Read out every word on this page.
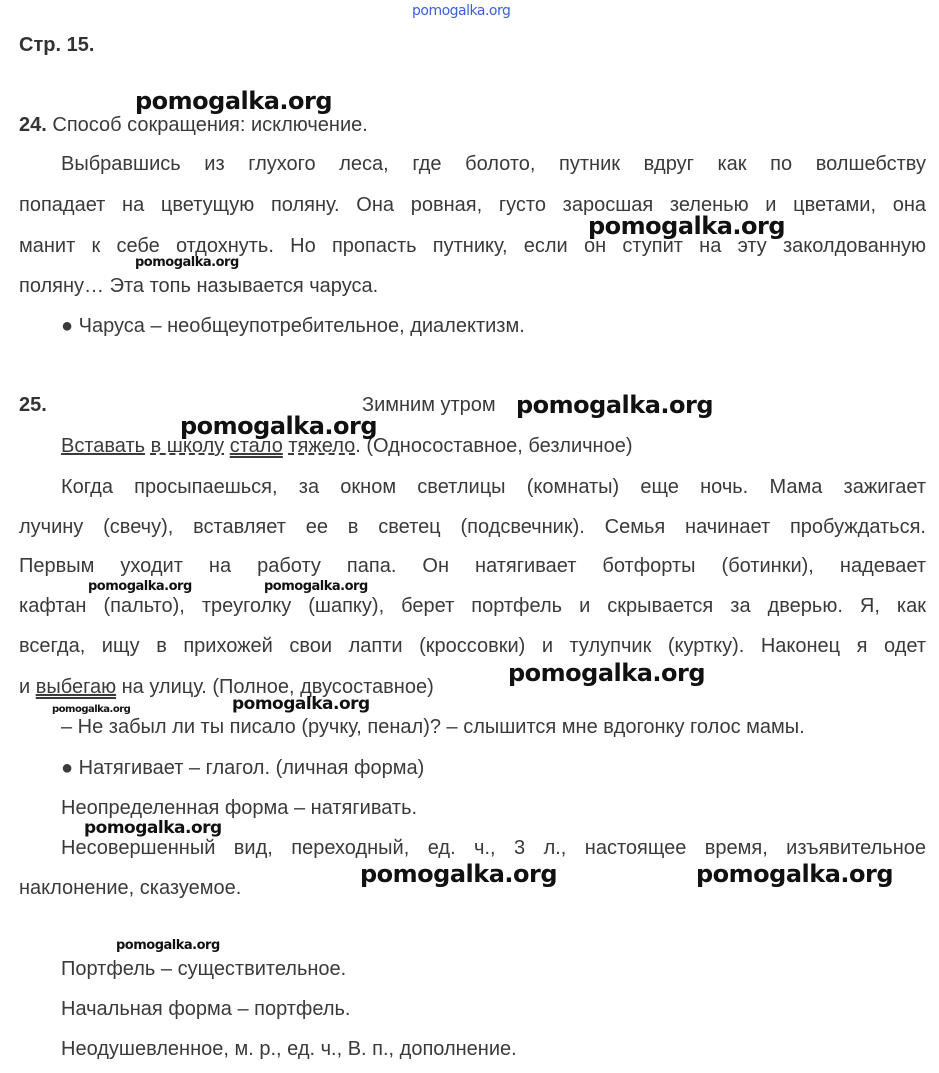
pomogalka.org
Стр. 15.
24. Способ сокращения: исключение.
Выбравшись из глухого леса, где болото, путник вдруг как по волшебству
попадает на цветущую поляну. Она ровная, густо заросшая зеленью и цветами, она
манит к себе отдохнуть. Но пропасть путнику, если он ступит на эту заколдованную
поляну… Эта топь называется чаруса.
● Чаруса – необщеупотребительное, диалектизм.
25.	Зимним утром
Вставать в школу стало тяжело. (Односоставное, безличное)
Когда просыпаешься, за окном светлицы (комнаты) еще ночь. Мама зажигает
лучину (свечу), вставляет ее в светец (подсвечник). Семья начинает пробуждаться.
Первым уходит на работу папа. Он натягивает ботфорты (ботинки), надевает
кафтан (пальто), треуголку (шапку), берет портфель и скрывается за дверью. Я, как
всегда, ищу в прихожей свои лапти (кроссовки) и тулупчик (куртку). Наконец я одет
и выбегаю на улицу. (Полное, двусоставное)
– Не забыл ли ты писало (ручку, пенал)? – слышится мне вдогонку голос мамы.
● Натягивает – глагол. (личная форма)
Неопределенная форма – натягивать.
Несовершенный вид, переходный, ед. ч., 3 л., настоящее время, изъявительное
наклонение, сказуемое.
Портфель – существительное.
Начальная форма – портфель.
Неодушевленное, м. р., ед. ч., В. п., дополнение.
pomogalka.org
pomogalka.org
pomogalka.org
pomogalka.org
pomogalka.org
pomogalka.org	pomogalka.org
pomogalka.org
pomogalka.org
pomogalka.org
pomogalka.org
pomogalka.org	pomogalka.org
pomogalka.org
